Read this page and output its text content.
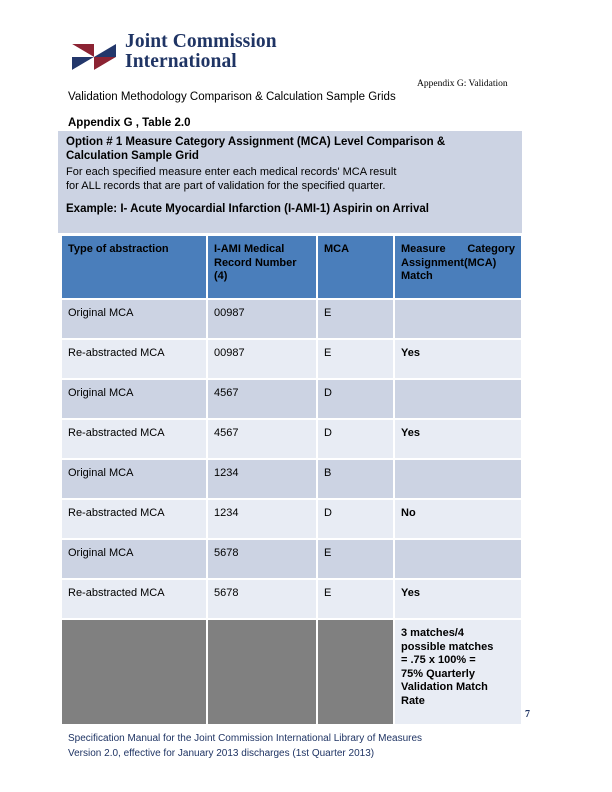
Joint Commission
International
Appendix G: Validation
Validation Methodology Comparison & Calculation Sample Grids
Appendix G , Table 2.0
Option # 1 Measure Category Assignment (MCA) Level Comparison &
Calculation Sample Grid
For each specified measure enter each medical records' MCA result
for ALL records that are part of validation for the specified quarter.
Example: I- Acute Myocardial Infarction (I-AMI-1) Aspirin on Arrival
Type of abstraction	I-AMI Medical
Record Number (4)	MCA	Measure Category
Assignment(MCA)
Match
Original MCA	00987	E	
Re-abstracted MCA	00987	E	Yes
Original MCA	4567	D	
Re-abstracted MCA	4567	D	Yes
Original MCA	1234	B	
Re-abstracted MCA	1234	D	No
Original MCA	5678	E	
Re-abstracted MCA	5678	E	Yes

3 matches/4
possible matches
= .75 x 100% =
75% Quarterly
Validation Match
Rate
7
Specification Manual for the Joint Commission International Library of Measures
Version 2.0, effective for January 2013 discharges (1st Quarter 2013)
